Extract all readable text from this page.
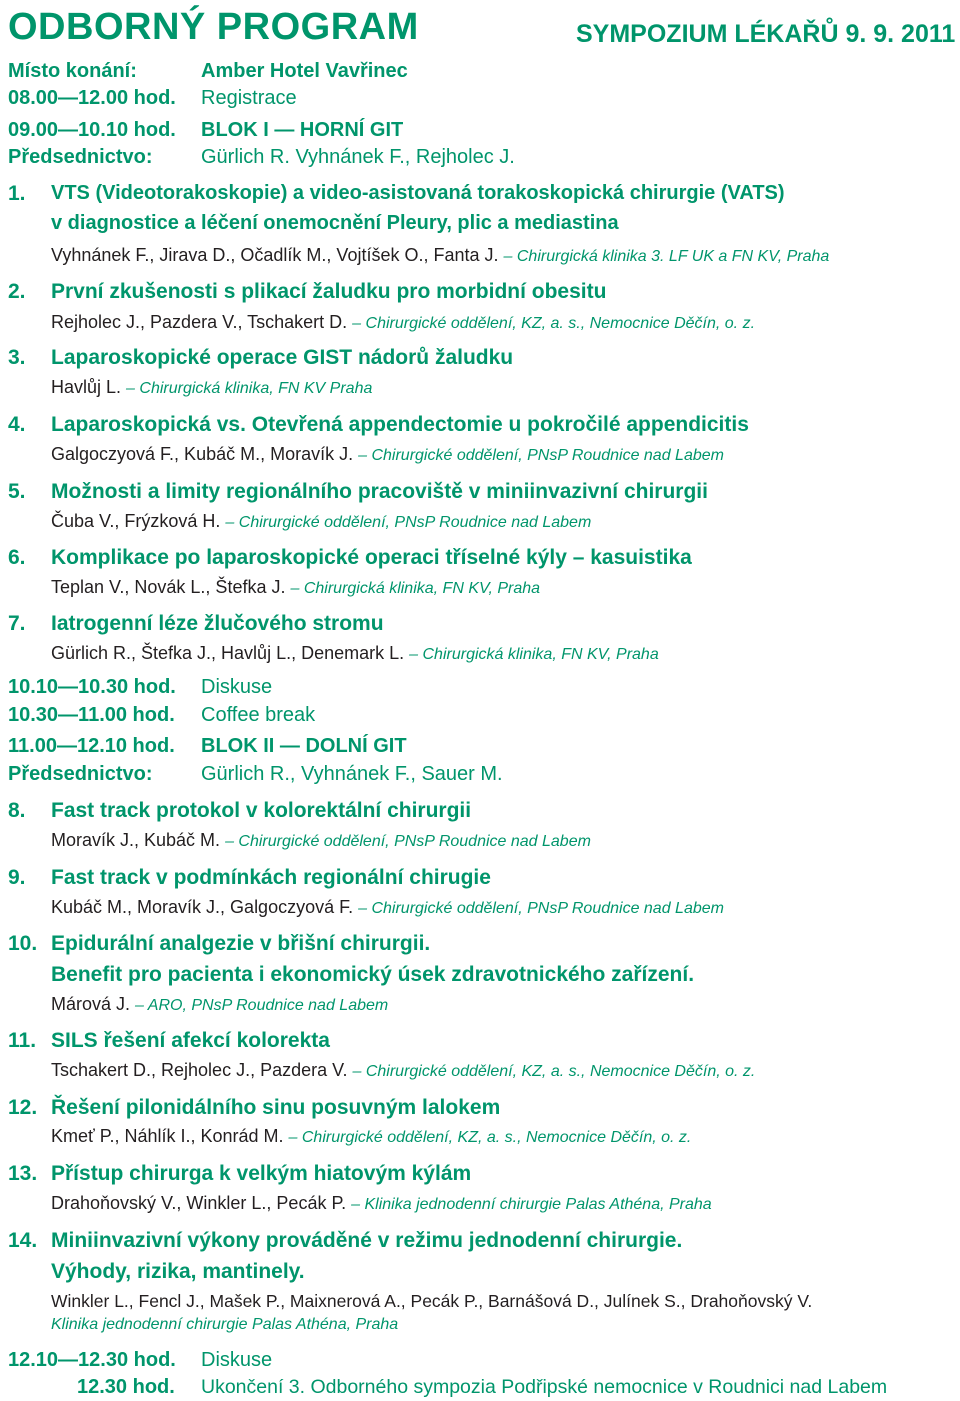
ODBORNÝ PROGRAM	SYMPOZIUM LÉKAŘŮ 9. 9. 2011
Místo konání:	Amber Hotel Vavřinec
08.00—12.00 hod. Registrace
09.00—10.10 hod. BLOK I — HORNÍ GIT
Předsednictvo: Gürlich R. Vyhnánek F., Rejholec J.
1. VTS (Videotorakoskopie) a video-asistovaná torakoskopická chirurgie (VATS)
v diagnostice a léčení onemocnění Pleury, plic a mediastina
Vyhnánek F., Jirava D., Očadlík M., Vojtíšek O., Fanta J. – Chirurgická klinika 3. LF UK a FN KV, Praha
2. První zkušenosti s plikací žaludku pro morbidní obesitu
Rejholec J., Pazdera V., Tschakert D. – Chirurgické oddělení, KZ, a. s., Nemocnice Děčín, o. z.
3. Laparoskopické operace GIST nádorů žaludku
Havlůj L. – Chirurgická klinika, FN KV Praha
4. Laparoskopická vs. Otevřená appendectomie u pokročilé appendicitis
Galgoczyová F., Kubáč M., Moravík J. – Chirurgické oddělení, PNsP Roudnice nad Labem
5. Možnosti a limity regionálního pracoviště v miniinvazivní chirurgii
Čuba V., Frýzková H. – Chirurgické oddělení, PNsP Roudnice nad Labem
6. Komplikace po laparoskopické operaci tříselné kýly – kasuistika
Teplan V., Novák L., Štefka J. – Chirurgická klinika, FN KV, Praha
7. Iatrogenní léze žlučového stromu
Gürlich R., Štefka J., Havlůj L., Denemark L. – Chirurgická klinika, FN KV, Praha
10.10—10.30 hod. Diskuse
10.30—11.00 hod. Coffee break
11.00—12.10 hod. BLOK II — DOLNÍ GIT
Předsednictvo: Gürlich R., Vyhnánek F., Sauer M.
8. Fast track protokol v kolorektální chirurgii
Moravík J., Kubáč M. – Chirurgické oddělení, PNsP Roudnice nad Labem
9. Fast track v podmínkách regionální chirugie
Kubáč M., Moravík J., Galgoczyová F. – Chirurgické oddělení, PNsP Roudnice nad Labem
10. Epidurální analgezie v břišní chirurgii.
Benefit pro pacienta i ekonomický úsek zdravotnického zařízení.
Márová J. – ARO, PNsP Roudnice nad Labem
11. SILS řešení afekcí kolorekta
Tschakert D., Rejholec J., Pazdera V. – Chirurgické oddělení, KZ, a. s., Nemocnice Děčín, o. z.
12. Řešení pilonidálního sinu posuvným lalokem
Kmeť P., Náhlík I., Konrád M. – Chirurgické oddělení, KZ, a. s., Nemocnice Děčín, o. z.
13. Přístup chirurga k velkým hiatovým kýlám
Drahoňovský V., Winkler L., Pecák P. – Klinika jednodenní chirurgie Palas Athéna, Praha
14. Miniinvazivní výkony prováděné v režimu jednodenní chirurgie.
Výhody, rizika, mantinely.
Winkler L., Fencl J., Mašek P., Maixnerová A., Pecák P., Barnášová D., Julínek S., Drahoňovský V.
Klinika jednodenní chirurgie Palas Athéna, Praha
12.10—12.30 hod. Diskuse
12.30 hod. Ukončení 3. Odborného sympozia Podřipské nemocnice v Roudnici nad Labem
